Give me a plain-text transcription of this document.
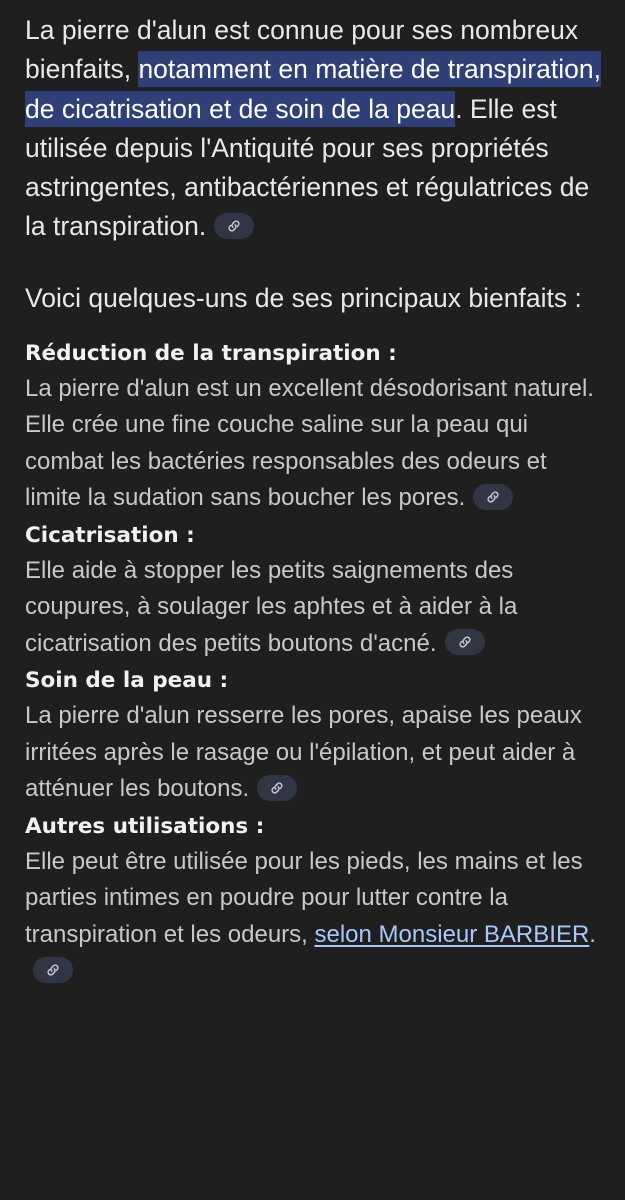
La pierre d'alun est connue pour ses nombreux bienfaits, notamment en matière de transpiration, de cicatrisation et de soin de la peau. Elle est utilisée depuis l'Antiquité pour ses propriétés astringentes, antibactériennes et régulatrices de la transpiration.

Voici quelques-uns de ses principaux bienfaits :

Réduction de la transpiration :

La pierre d'alun est un excellent désodorisant naturel. Elle crée une fine couche saline sur la peau qui combat les bactéries responsables des odeurs et limite la sudation sans boucher les pores.

Cicatrisation :

Elle aide à stopper les petits saignements des coupures, à soulager les aphtes et à aider à la cicatrisation des petits boutons d'acné.

Soin de la peau :

La pierre d'alun resserre les pores, apaise les peaux irritées après le rasage ou l'épilation, et peut aider à atténuer les boutons.

Autres utilisations :

Elle peut être utilisée pour les pieds, les mains et les parties intimes en poudre pour lutter contre la transpiration et les odeurs, selon Monsieur BARBIER.
